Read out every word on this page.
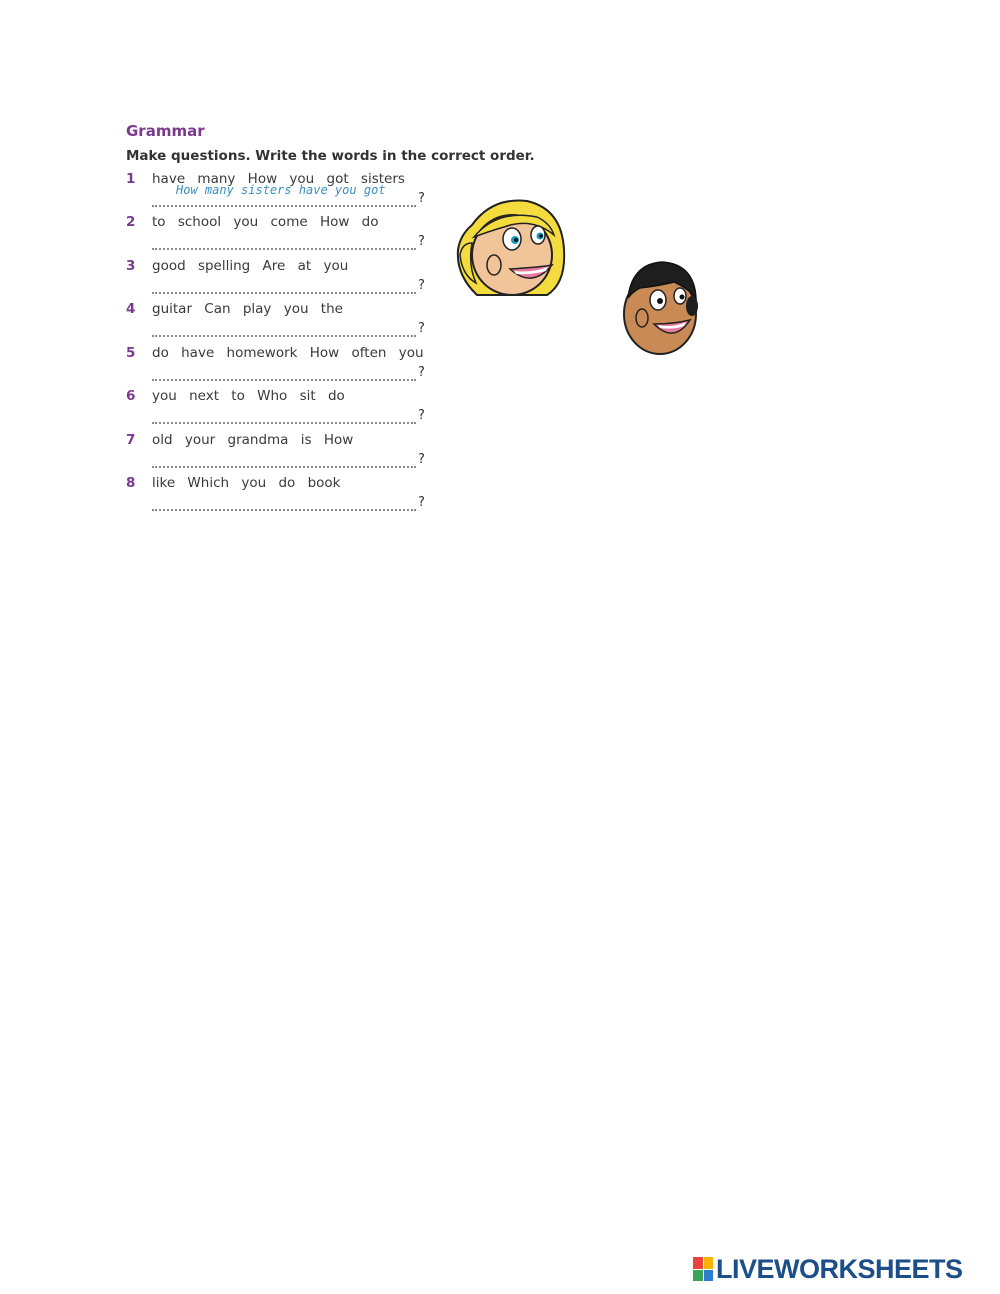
Grammar
Make questions. Write the words in the correct order.
1 have many How you got sisters
How many sisters have you got
?
2 to school you come How do
?
3 good spelling Are at you
?
4 guitar Can play you the
?
5 do have homework How often you
?
6 you next to Who sit do
?
7 old your grandma is How
?
8 like Which you do book
?
LIVEWORKSHEETS
